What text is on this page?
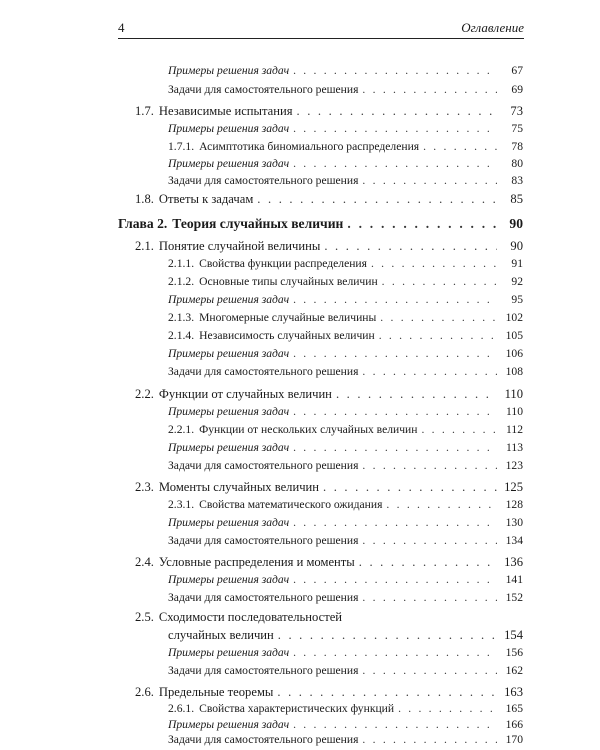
4	Оглавление
Примеры решения задач . . .	67
Задачи для самостоятельного решения . . .	69
1.7. Независимые испытания . . .	73
Примеры решения задач . . .	75
1.7.1. Асимптотика биномиального распределения . . .	78
Примеры решения задач . . .	80
Задачи для самостоятельного решения . . .	83
1.8. Ответы к задачам . . .	85
Глава 2. Теория случайных величин . . .	90
2.1. Понятие случайной величины . . .	90
2.1.1. Свойства функции распределения . . .	91
2.1.2. Основные типы случайных величин . . .	92
Примеры решения задач . . .	95
2.1.3. Многомерные случайные величины . . .	102
2.1.4. Независимость случайных величин . . .	105
Примеры решения задач . . .	106
Задачи для самостоятельного решения . . .	108
2.2. Функции от случайных величин . . .	110
Примеры решения задач . . .	110
2.2.1. Функции от нескольких случайных величин . . .	112
Примеры решения задач . . .	113
Задачи для самостоятельного решения . . .	123
2.3. Моменты случайных величин . . .	125
2.3.1. Свойства математического ожидания . . .	128
Примеры решения задач . . .	130
Задачи для самостоятельного решения . . .	134
2.4. Условные распределения и моменты . . .	136
Примеры решения задач . . .	141
Задачи для самостоятельного решения . . .	152
2.5. Сходимости последовательностей
случайных величин . . .	154
Примеры решения задач . . .	156
Задачи для самостоятельного решения . . .	162
2.6. Предельные теоремы . . .	163
2.6.1. Свойства характеристических функций . . .	165
Примеры решения задач . . .	166
Задачи для самостоятельного решения . . .	170
